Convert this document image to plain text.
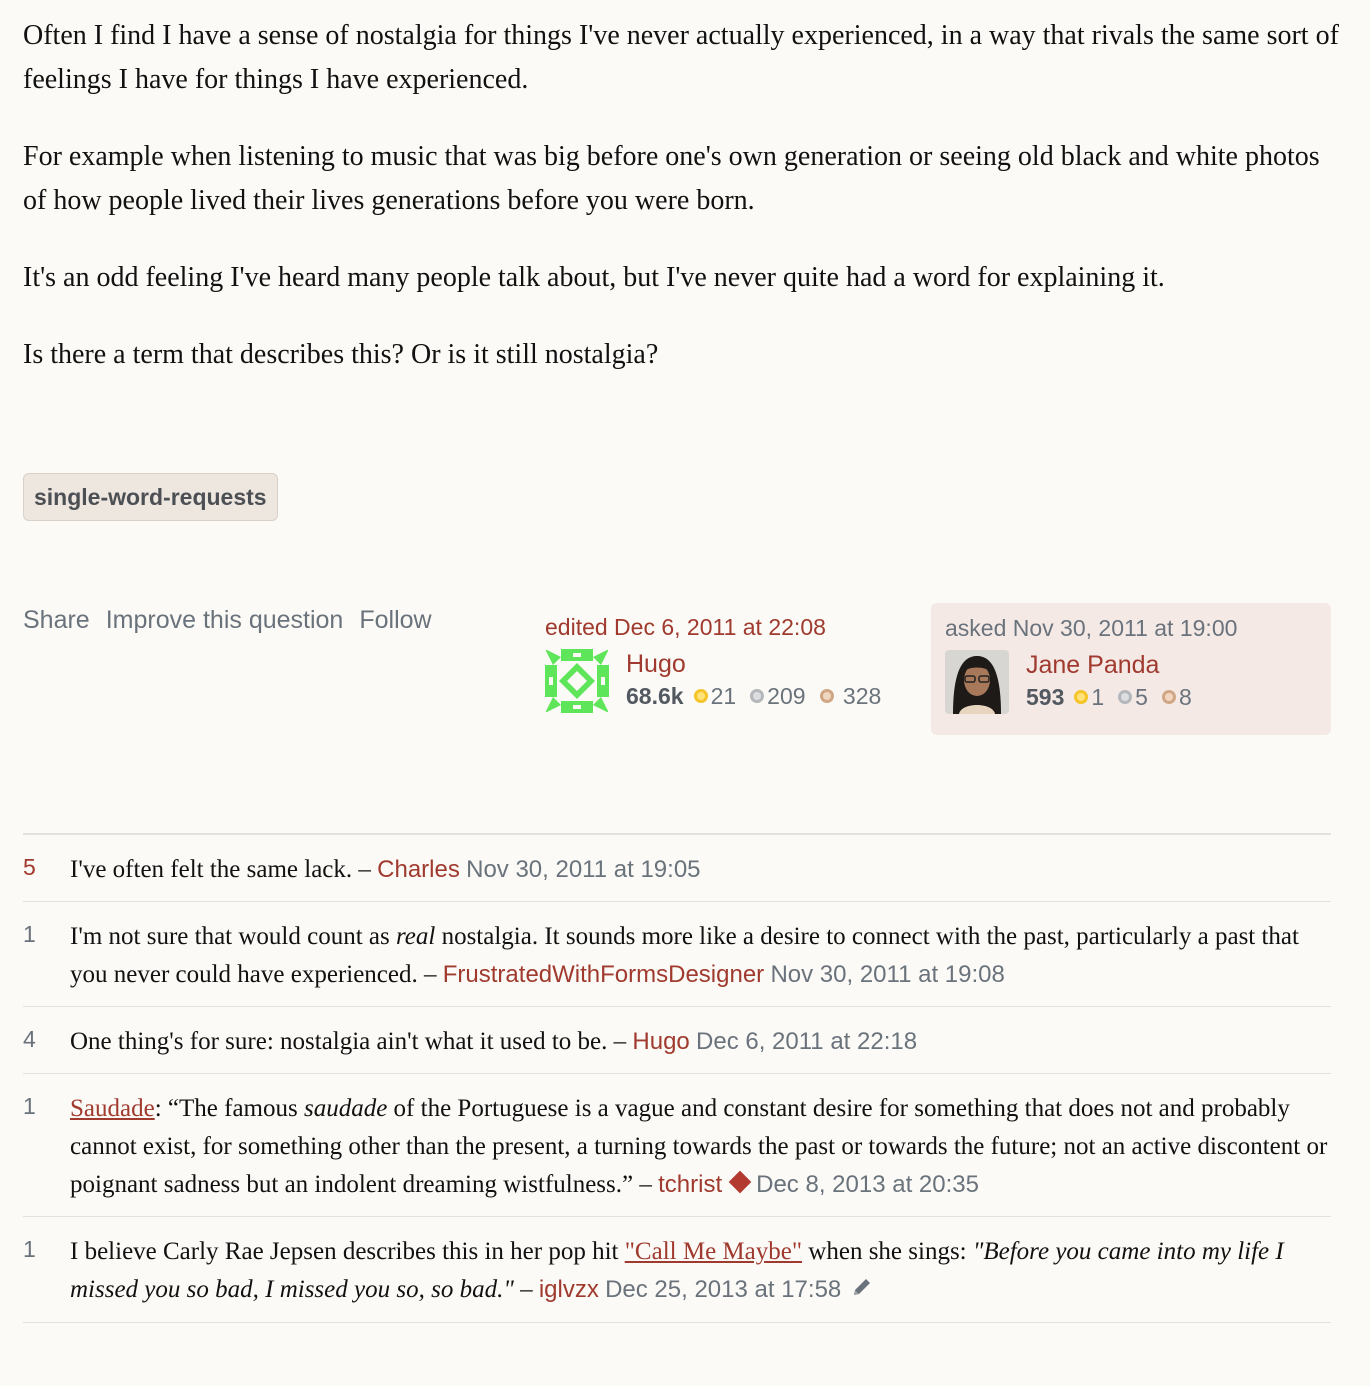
Often I find I have a sense of nostalgia for things I've never actually experienced, in a way that rivals the same sort of feelings I have for things I have experienced.

For example when listening to music that was big before one's own generation or seeing old black and white photos of how people lived their lives generations before you were born.

It's an odd feeling I've heard many people talk about, but I've never quite had a word for explaining it.

Is there a term that describes this? Or is it still nostalgia?

single-word-requests
Share Improve this question Follow	edited Dec 6, 2011 at 22:08
Hugo
68.6k 21 209 328
asked Nov 30, 2011 at 19:00
Jane Panda
593 1 5 8
5	I've often felt the same lack. – Charles Nov 30, 2011 at 19:05
1	I'm not sure that would count as real nostalgia. It sounds more like a desire to connect with the past, particularly a past that you never could have experienced. – FrustratedWithFormsDesigner Nov 30, 2011 at 19:08
4	One thing's for sure: nostalgia ain't what it used to be. – Hugo Dec 6, 2011 at 22:18
1	Saudade: “The famous saudade of the Portuguese is a vague and constant desire for something that does not and probably cannot exist, for something other than the present, a turning towards the past or towards the future; not an active discontent or poignant sadness but an indolent dreaming wistfulness.” – tchrist Dec 8, 2013 at 20:35
1	I believe Carly Rae Jepsen describes this in her pop hit "Call Me Maybe" when she sings: "Before you came into my life I missed you so bad, I missed you so, so bad." – iglvzx Dec 25, 2013 at 17:58
